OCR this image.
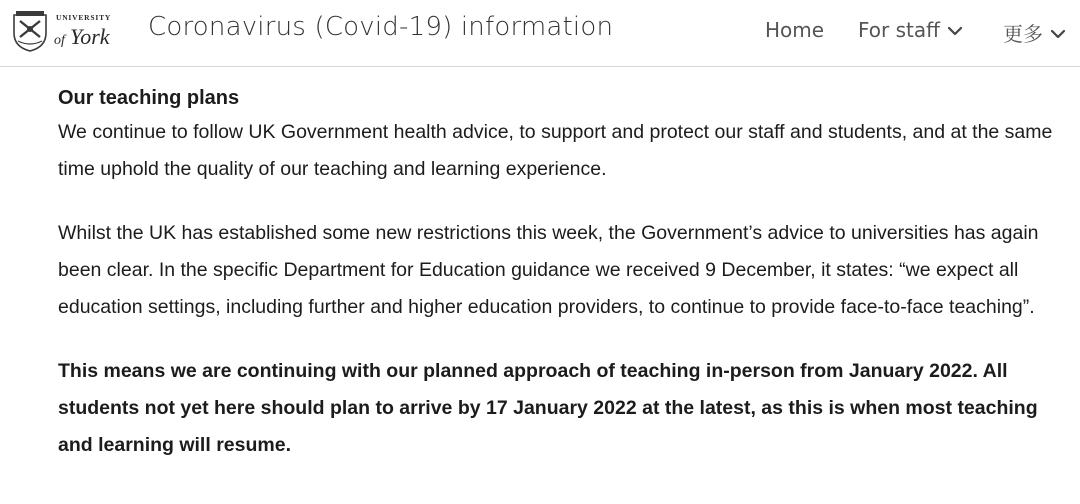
UNIVERSITY
of York Coronavirus (Covid-19) information	Home For staff	更多
Our teaching plans

We continue to follow UK Government health advice, to support and protect our staff and students, and at the same time uphold the quality of our teaching and learning experience.

Whilst the UK has established some new restrictions this week, the Government’s advice to universities has again been clear. In the specific Department for Education guidance we received 9 December, it states: “we expect all education settings, including further and higher education providers, to continue to provide face-to-face teaching”.

This means we are continuing with our planned approach of teaching in-person from January 2022. All students not yet here should plan to arrive by 17 January 2022 at the latest, as this is when most teaching and learning will resume.
